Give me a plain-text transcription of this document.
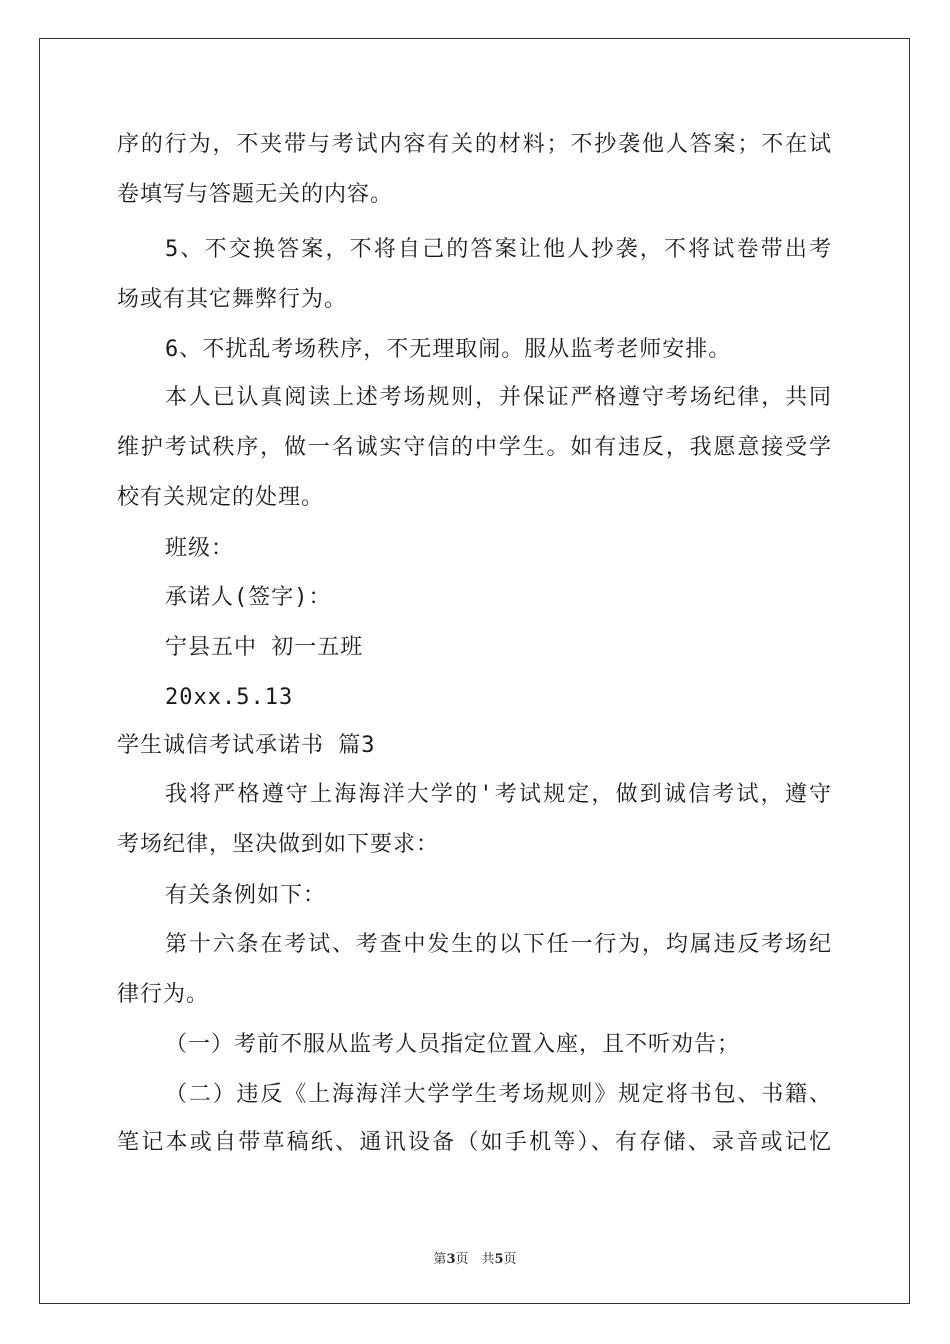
序的行为，不夹带与考试内容有关的材料；不抄袭他人答案；不在试
卷填写与答题无关的内容。
5、不交换答案，不将自己的答案让他人抄袭，不将试卷带出考
场或有其它舞弊行为。
6、不扰乱考场秩序，不无理取闹。服从监考老师安排。
本人已认真阅读上述考场规则，并保证严格遵守考场纪律，共同
维护考试秩序，做一名诚实守信的中学生。如有违反，我愿意接受学
校有关规定的处理。
班级：
承诺人(签字)：
宁县五中 初一五班
20xx.5.13
学生诚信考试承诺书 篇3
我将严格遵守上海海洋大学的'考试规定，做到诚信考试，遵守
考场纪律，坚决做到如下要求：
有关条例如下：
第十六条在考试、考查中发生的以下任一行为，均属违反考场纪
律行为。
（一）考前不服从监考人员指定位置入座，且不听劝告；
（二）违反《上海海洋大学学生考场规则》规定将书包、书籍、
笔记本或自带草稿纸、通讯设备（如手机等）、有存储、录音或记忆
第3页　共5页
